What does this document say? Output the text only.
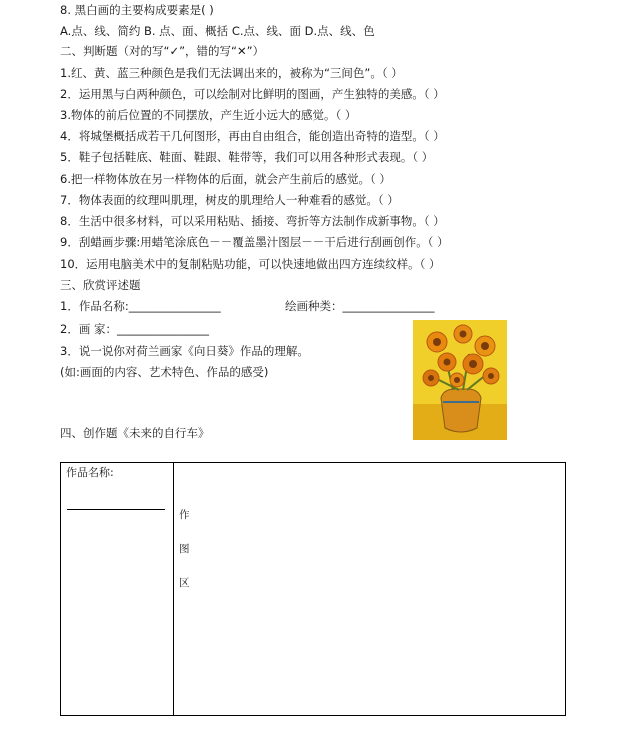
8. 黑白画的主要构成要素是( )
A.点、线、简约 B. 点、面、概括 C.点、线、面 D.点、线、色
二、判断题（对的写“✓”，错的写“✕”）
1.红、黄、蓝三种颜色是我们无法调出来的，被称为“三间色”。（ ）
2．运用黑与白两种颜色，可以绘制对比鲜明的图画，产生独特的美感。（ ）
3.物体的前后位置的不同摆放，产生近小远大的感觉。（ ）
4．将城堡概括成若干几何图形，再由自由组合，能创造出奇特的造型。（ ）
5．鞋子包括鞋底、鞋面、鞋跟、鞋带等，我们可以用各种形式表现。（ ）
6.把一样物体放在另一样物体的后面，就会产生前后的感觉。（ ）
7．物体表面的纹理叫肌理，树皮的肌理给人一种难看的感觉。（ ）
8．生活中很多材料，可以采用粘贴、插接、弯折等方法制作成新事物。（ ）
9．刮蜡画步骤:用蜡笔涂底色－－覆盖墨汁图层－－干后进行刮画创作。（ ）
10．运用电脑美术中的复制粘贴功能，可以快速地做出四方连续纹样。（ ）
三、欣赏评述题
1．作品名称:________________	绘画种类：________________
2．画 家：________________
3．说一说你对荷兰画家《向日葵》作品的理解。
(如:画面的内容、艺术特色、作品的感受)
四、创作题《未来的自行车》
作品名称:
作
图
区
